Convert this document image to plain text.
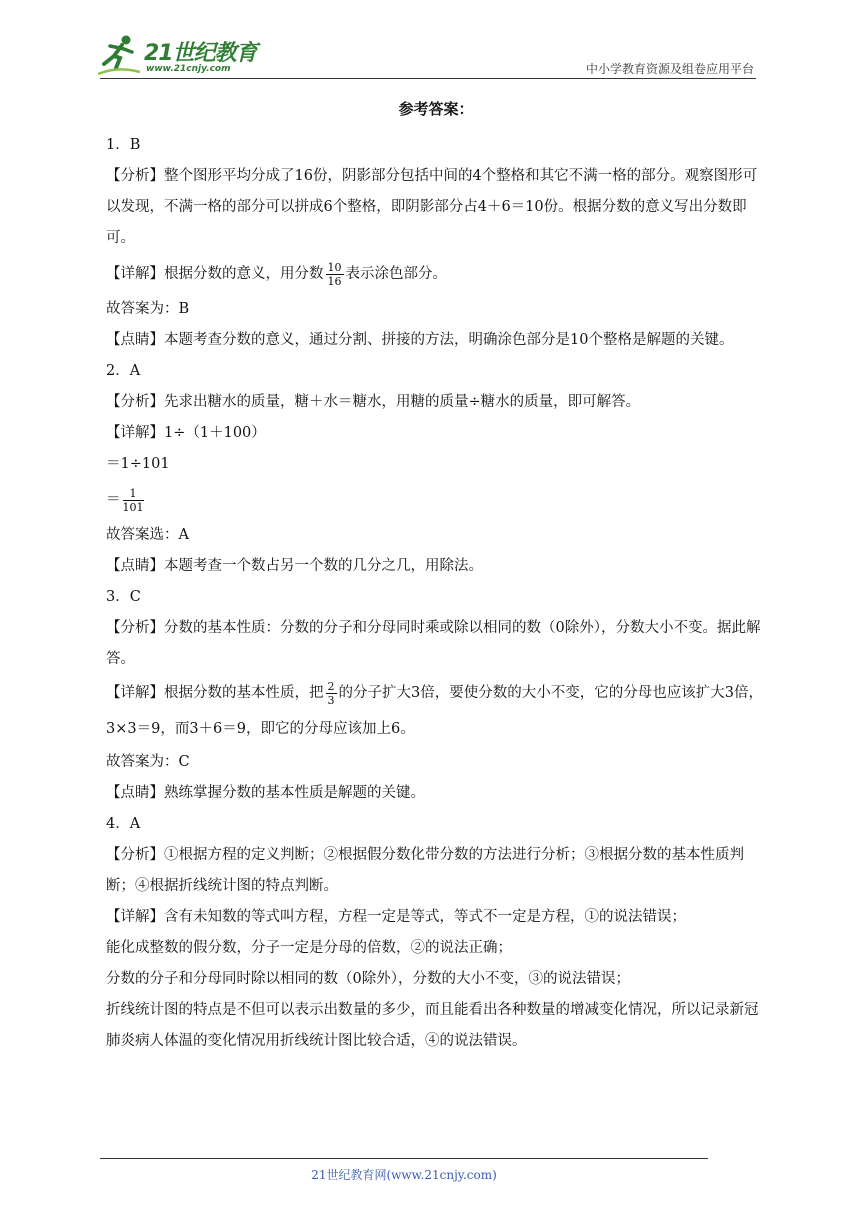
21世纪教育
www.21cnjy.com	中小学教育资源及组卷应用平台
参考答案：

1．B

【分析】整个图形平均分成了16份，阴影部分包括中间的4个整格和其它不满一格的部分。观察图形可以发现，不满一格的部分可以拼成6个整格，即阴影部分占4＋6＝10份。根据分数的意义写出分数即可。

【详解】根据分数的意义，用分数 $\frac{10}{16}$ 表示涂色部分。

故答案为：B

【点睛】本题考查分数的意义，通过分割、拼接的方法，明确涂色部分是10个整格是解题的关键。

2．A

【分析】先求出糖水的质量，糖＋水＝糖水，用糖的质量÷糖水的质量，即可解答。

【详解】1÷（1＋100）

＝1÷101

＝ $\frac{1}{101}$

故答案选：A

【点睛】本题考查一个数占另一个数的几分之几，用除法。

3．C

【分析】分数的基本性质：分数的分子和分母同时乘或除以相同的数（0除外），分数大小不变。据此解答。

【详解】根据分数的基本性质，把 $\frac{2}{3}$ 的分子扩大3倍，要使分数的大小不变，它的分母也应该扩大3倍，3×3＝9，而3＋6＝9，即它的分母应该加上6。

故答案为：C

【点睛】熟练掌握分数的基本性质是解题的关键。

4．A

【分析】①根据方程的定义判断；②根据假分数化带分数的方法进行分析；③根据分数的基本性质判断；④根据折线统计图的特点判断。

【详解】含有未知数的等式叫方程，方程一定是等式，等式不一定是方程，①的说法错误；

能化成整数的假分数，分子一定是分母的倍数，②的说法正确；

分数的分子和分母同时除以相同的数（0除外），分数的大小不变，③的说法错误；

折线统计图的特点是不但可以表示出数量的多少，而且能看出各种数量的增减变化情况，所以记录新冠肺炎病人体温的变化情况用折线统计图比较合适，④的说法错误。

21世纪教育网(www.21cnjy.com)
